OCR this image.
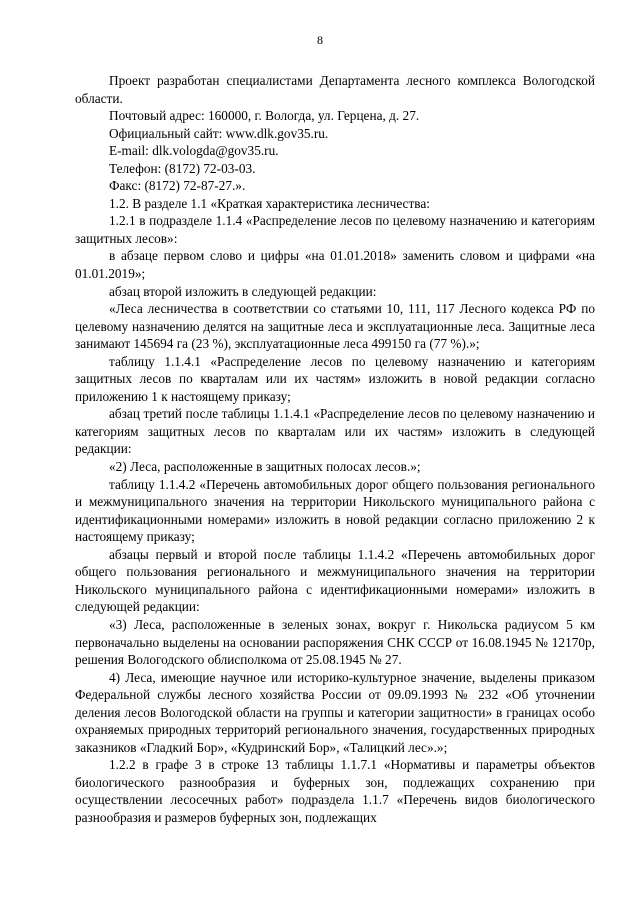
8

Проект разработан специалистами Департамента лесного комплекса Вологодской области.

Почтовый адрес: 160000, г. Вологда, ул. Герцена, д. 27.

Официальный сайт: www.dlk.gov35.ru.

E-mail: dlk.vologda@gov35.ru.

Телефон: (8172) 72-03-03.

Факс: (8172) 72-87-27.».

1.2. В разделе 1.1 «Краткая характеристика лесничества:

1.2.1 в подразделе 1.1.4 «Распределение лесов по целевому назначению и категориям защитных лесов»:

в абзаце первом слово и цифры «на 01.01.2018» заменить словом и цифрами «на 01.01.2019»;

абзац второй изложить в следующей редакции:

«Леса лесничества в соответствии со статьями 10, 111, 117 Лесного кодекса РФ по целевому назначению делятся на защитные леса и эксплуатационные леса. Защитные леса занимают 145694 га (23 %), эксплуатационные леса 499150 га (77 %).»;

таблицу 1.1.4.1 «Распределение лесов по целевому назначению и категориям защитных лесов по кварталам или их частям» изложить в новой редакции согласно приложению 1 к настоящему приказу;

абзац третий после таблицы 1.1.4.1 «Распределение лесов по целевому назначению и категориям защитных лесов по кварталам или их частям» изложить в следующей редакции:

«2) Леса, расположенные в защитных полосах лесов.»;

таблицу 1.1.4.2 «Перечень автомобильных дорог общего пользования регионального и межмуниципального значения на территории Никольского муниципального района с идентификационными номерами» изложить в новой редакции согласно приложению 2 к настоящему приказу;

абзацы первый и второй после таблицы 1.1.4.2 «Перечень автомобильных дорог общего пользования регионального и межмуниципального значения на территории Никольского муниципального района с идентификационными номерами» изложить в следующей редакции:

«3) Леса, расположенные в зеленых зонах, вокруг г. Никольска радиусом 5 км первоначально выделены на основании распоряжения СНК СССР от 16.08.1945 № 12170р, решения Вологодского облисполкома от 25.08.1945 № 27.

4) Леса, имеющие научное или историко-культурное значение, выделены приказом Федеральной службы лесного хозяйства России от 09.09.1993 № 232 «Об уточнении деления лесов Вологодской области на группы и категории защитности» в границах особо охраняемых природных территорий регионального значения, государственных природных заказников «Гладкий Бор», «Кудринский Бор», «Талицкий лес».»;

1.2.2 в графе 3 в строке 13 таблицы 1.1.7.1 «Нормативы и параметры объектов биологического разнообразия и буферных зон, подлежащих сохранению при осуществлении лесосечных работ» подраздела 1.1.7 «Перечень видов биологического разнообразия и размеров буферных зон, подлежащих
